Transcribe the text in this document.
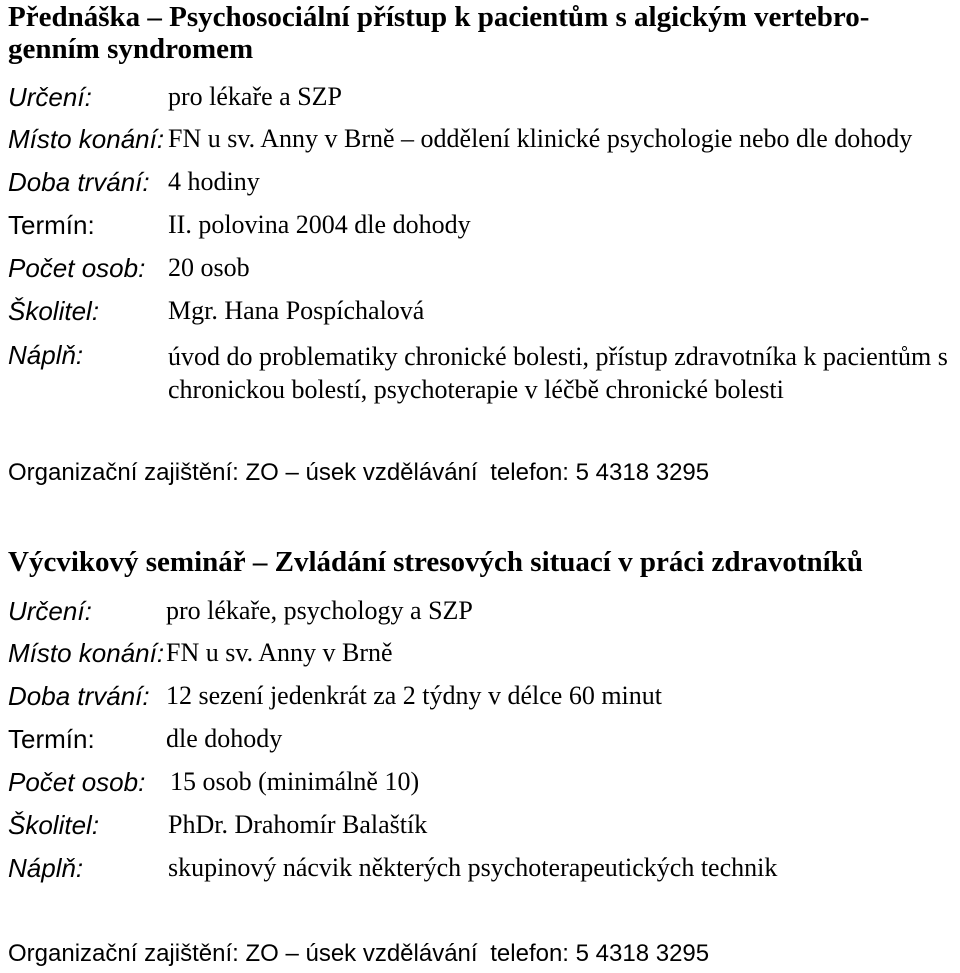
Přednáška – Psychosociální přístup k pacientům s algickým vertebro-
genním syndromem
Určení:	pro lékaře a SZP
Místo konání: FN u sv. Anny v Brně – oddělení klinické psychologie nebo dle dohody
Doba trvání: 4 hodiny
Termín:	II. polovina 2004 dle dohody
Počet osob: 20 osob
Školitel:	Mgr. Hana Pospíchalová
Náplň:	úvod do problematiky chronické bolesti, přístup zdravotníka k pacientům s chronickou bolestí, psychoterapie v léčbě chronické bolesti
Organizační zajištění: ZO – úsek vzdělávání telefon: 5 4318 3295
Výcvikový seminář – Zvládání stresových situací v práci zdravotníků
Určení:	pro lékaře, psychology a SZP
Místo konání: FN u sv. Anny v Brně
Doba trvání: 12 sezení jedenkrát za 2 týdny v délce 60 minut
Termín:	dle dohody
Počet osob: 15 osob (minimálně 10)
Školitel:	PhDr. Drahomír Balaštík
Náplň:	skupinový nácvik některých psychoterapeutických technik
Organizační zajištění: ZO – úsek vzdělávání telefon: 5 4318 3295
